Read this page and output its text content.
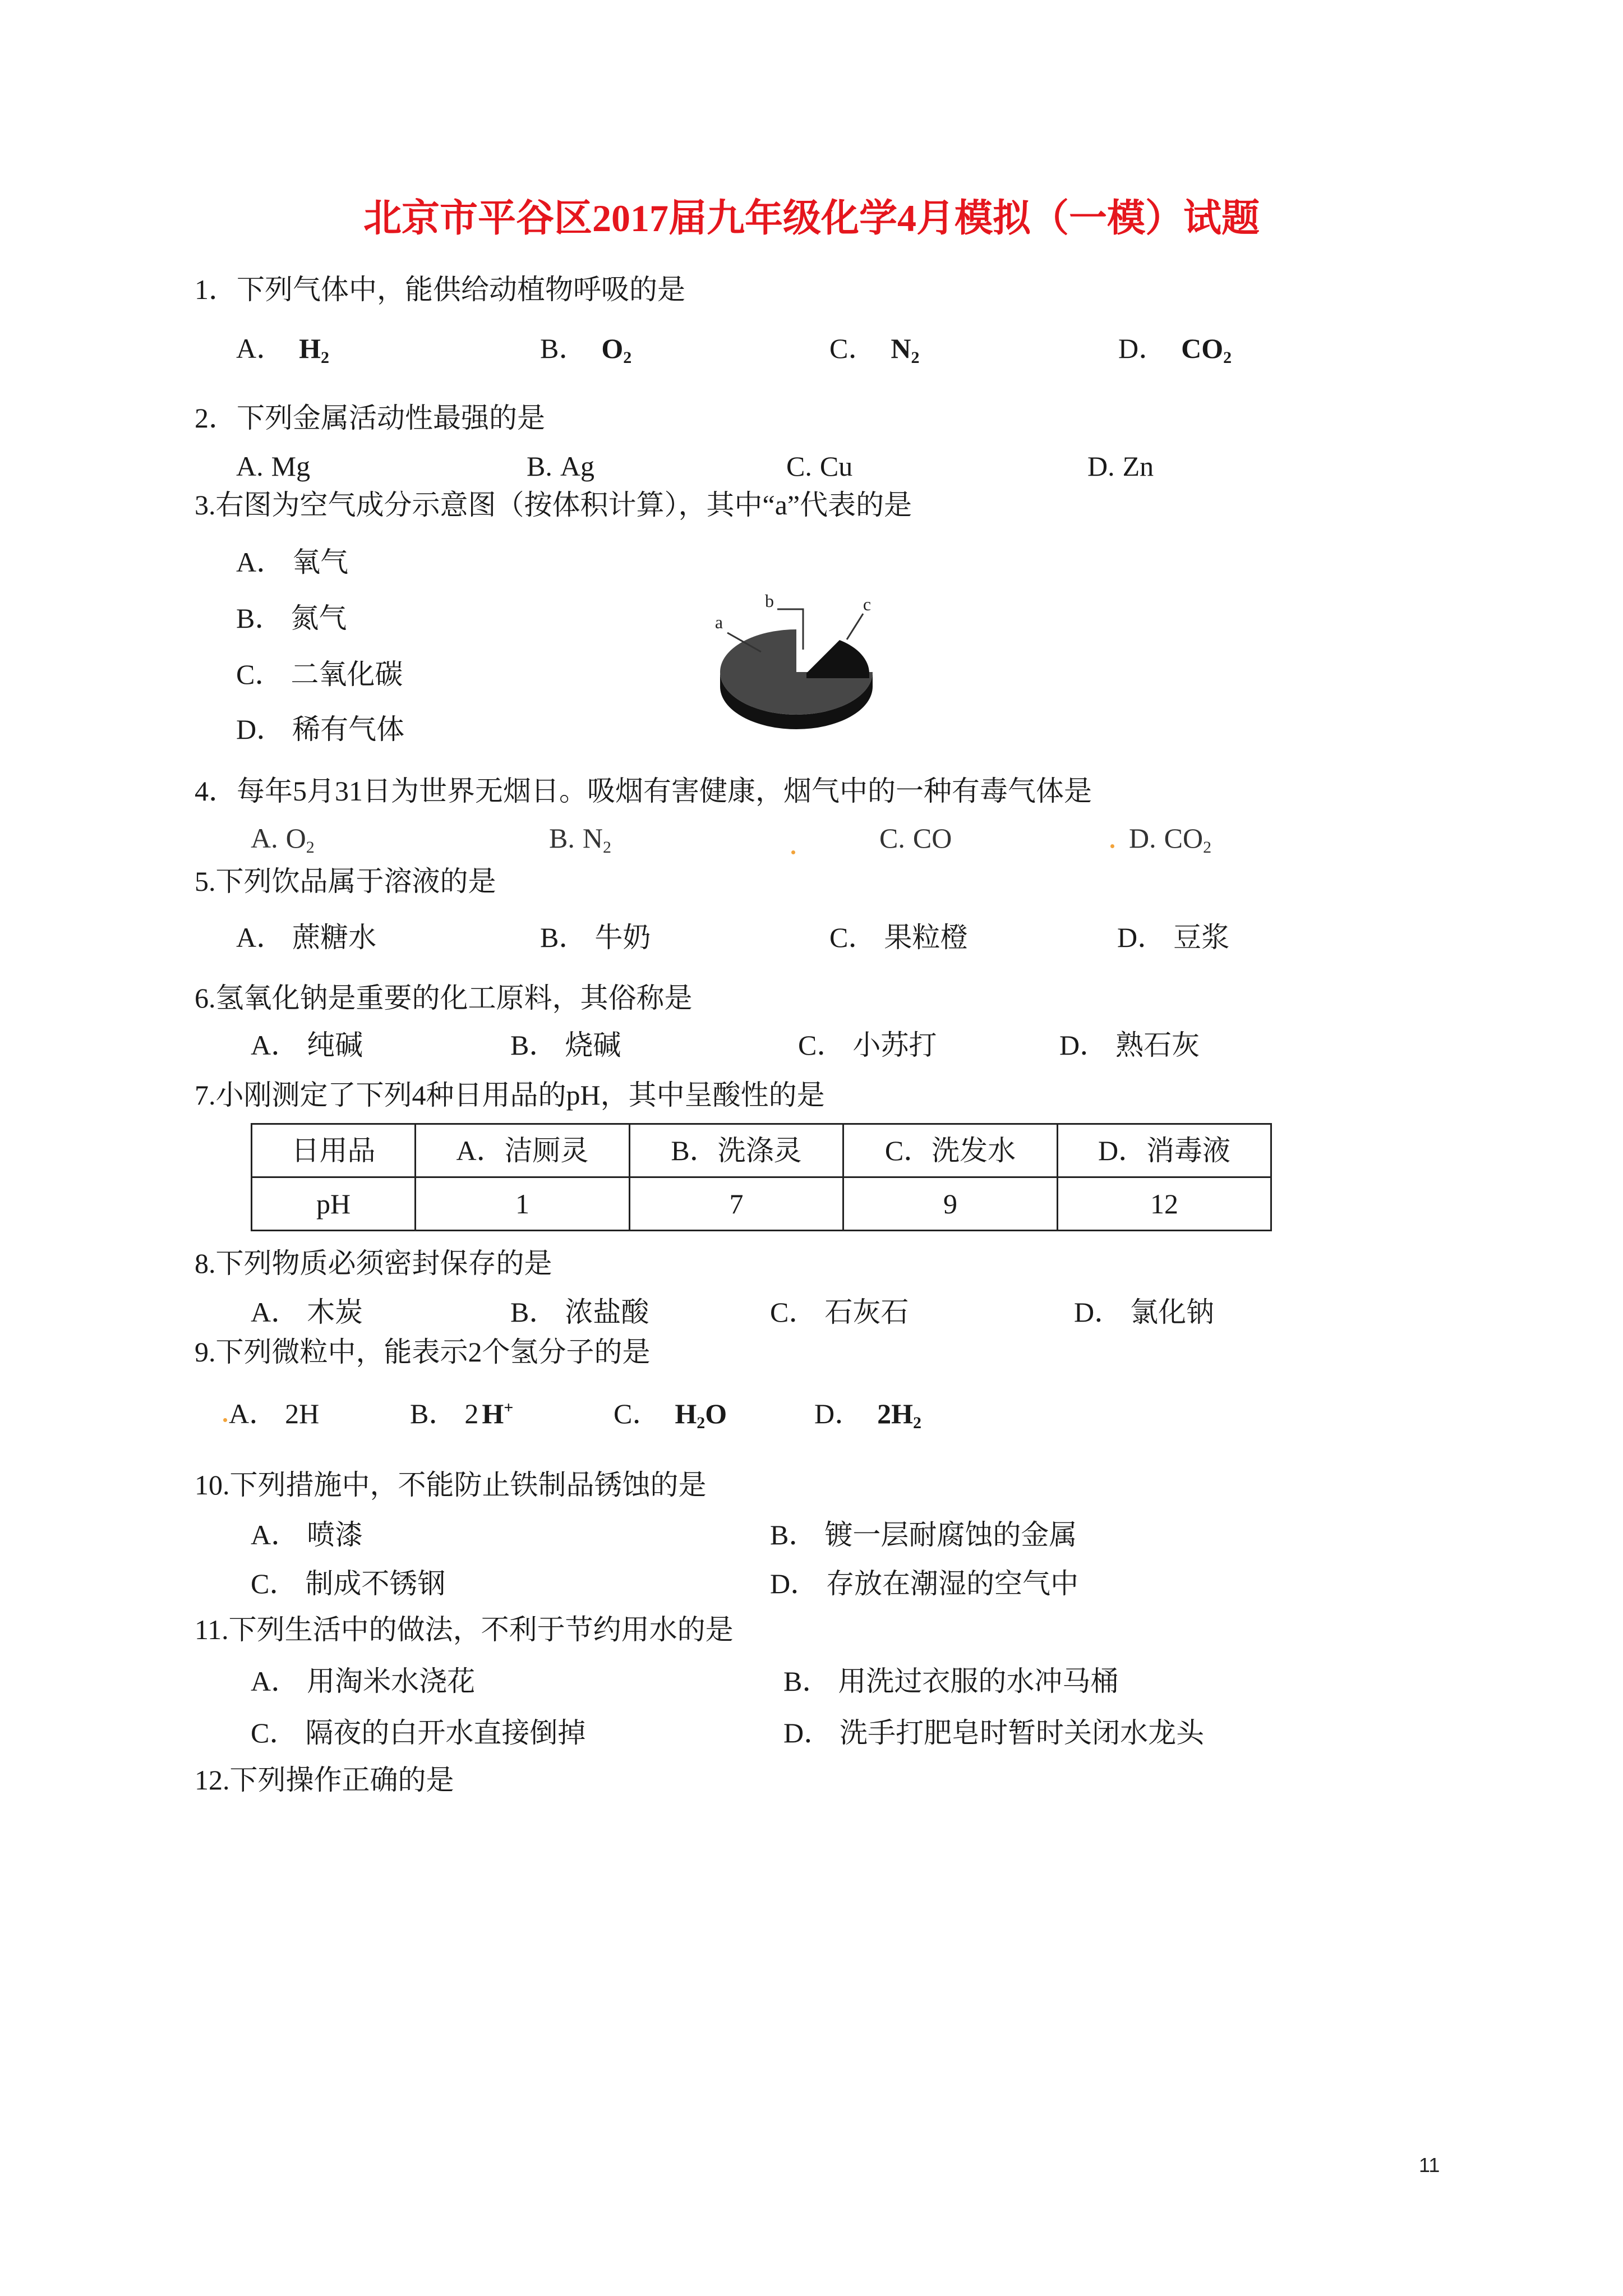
北京市平谷区2017届九年级化学4月模拟（一模）试题
1．下列气体中，能供给动植物呼吸的是
A． $H_2$	B． $O_2$	C． $N_2$	D． $CO_2$
2．下列金属活动性最强的是
A. Mg	B. Ag	C. Cu	D. Zn
3.右图为空气成分示意图（按体积计算），其中“a”代表的是
A． 氧气
B． 氮气
C． 二氧化碳
D． 稀有气体
a
b	c
4．每年5月31日为世界无烟日。吸烟有害健康，烟气中的一种有毒气体是
A. $O_2$	B. $N_2$	C. CO	D. $CO_2$
5.下列饮品属于溶液的是
A． 蔗糖水	B． 牛奶	C． 果粒橙	D． 豆浆
6.氢氧化钠是重要的化工原料，其俗称是
A． 纯碱	B． 烧碱	C． 小苏打	D． 熟石灰
7.小刚测定了下列4种日用品的pH，其中呈酸性的是
日用品	A．洁厕灵	B．洗涤灵	C．洗发水	D．消毒液
pH	1	7	9	12
8.下列物质必须密封保存的是
A． 木炭	B． 浓盐酸	C． 石灰石	D． 氯化钠
9.下列微粒中，能表示2个氢分子的是
A． 2H	B． 2 H+	C． $H_2O$	D． $2H_2$
10.下列措施中，不能防止铁制品锈蚀的是
A． 喷漆	B． 镀一层耐腐蚀的金属
C． 制成不锈钢	D． 存放在潮湿的空气中
11.下列生活中的做法，不利于节约用水的是
A． 用淘米水浇花	B． 用洗过衣服的水冲马桶
C． 隔夜的白开水直接倒掉	D． 洗手打肥皂时暂时关闭水龙头
12.下列操作正确的是
11
